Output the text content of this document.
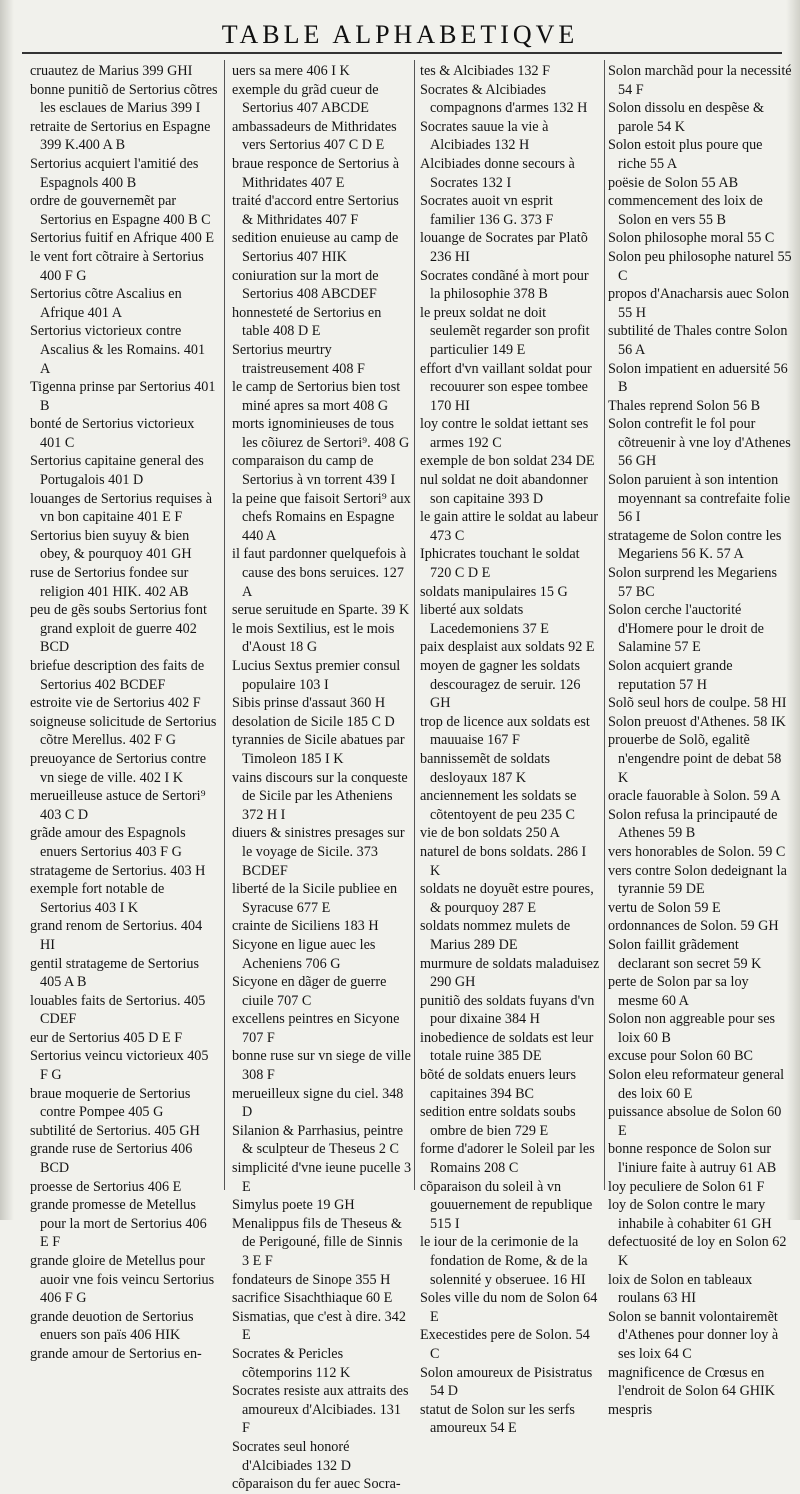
TABLE ALPHABETIQVE
cruautez de Marius 399 GHI
bonne punitiõ de Sertorius cõtres les esclaues de Marius 399 I
retraite de Sertorius en Espagne 399 K.400 A B
Sertorius acquiert l'amitié des Espagnols 400 B
ordre de gouvernemẽt par Sertorius en Espagne 400 B C
Sertorius fuitif en Afrique 400 E
le vent fort cõtraire à Sertorius 400 F G
Sertorius cõtre Ascalius en Afrique 401 A
Sertorius victorieux contre Ascalius & les Romains. 401 A
Tigenna prinse par Sertorius 401 B
bonté de Sertorius victorieux 401 C
Sertorius capitaine general des Portugalois 401 D
louanges de Sertorius requises à vn bon capitaine 401 E F
Sertorius bien suyuy & bien obey, & pourquoy 401 GH
ruse de Sertorius fondee sur religion 401 HIK. 402 AB
peu de gẽs soubs Sertorius font grand exploit de guerre 402 BCD
briefue description des faits de Sertorius 402 BCDEF
estroite vie de Sertorius 402 F
soigneuse solicitude de Sertorius cõtre Merellus. 402 F G
preuoyance de Sertorius contre vn siege de ville. 402 I K
merueilleuse astuce de Sertori⁹ 403 C D
grãde amour des Espagnols enuers Sertorius 403 F G
stratageme de Sertorius. 403 H
exemple fort notable de Sertorius 403 I K
grand renom de Sertorius. 404 HI
gentil stratageme de Sertorius 405 A B
louables faits de Sertorius. 405 CDEF
eur de Sertorius 405 D E F
Sertorius veincu victorieux 405 F G
braue moquerie de Sertorius contre Pompee 405 G
subtilité de Sertorius. 405 GH
grande ruse de Sertorius 406 BCD
proesse de Sertorius 406 E
grande promesse de Metellus pour la mort de Sertorius 406 E F
grande gloire de Metellus pour auoir vne fois veincu Sertorius 406 F G
grande deuotion de Sertorius enuers son païs 406 HIK
grande amour de Sertorius en-
uers sa mere 406 I K
exemple du grãd cueur de Sertorius 407 ABCDE
ambassadeurs de Mithridates vers Sertorius 407 C D E
braue responce de Sertorius à Mithridates 407 E
traité d'accord entre Sertorius & Mithridates 407 F
sedition enuieuse au camp de Sertorius 407 HIK
coniuration sur la mort de Sertorius 408 ABCDEF
honnesteté de Sertorius en table 408 D E
Sertorius meurtry traistreusement 408 F
le camp de Sertorius bien tost miné apres sa mort 408 G
morts ignominieuses de tous les cõiurez de Sertori⁹. 408 G
comparaison du camp de Sertorius à vn torrent 439 I
la peine que faisoit Sertori⁹ aux chefs Romains en Espagne 440 A
il faut pardonner quelquefois à cause des bons seruices. 127 A
serue seruitude en Sparte. 39 K
le mois Sextilius, est le mois d'Aoust 18 G
Lucius Sextus premier consul populaire 103 I
Sibis prinse d'assaut 360 H
desolation de Sicile 185 C D
tyrannies de Sicile abatues par Timoleon 185 I K
vains discours sur la conqueste de Sicile par les Atheniens 372 H I
diuers & sinistres presages sur le voyage de Sicile. 373 BCDEF
liberté de la Sicile publiee en Syracuse 677 E
crainte de Siciliens 183 H
Sicyone en ligue auec les Acheniens 706 G
Sicyone en dãger de guerre ciuile 707 C
excellens peintres en Sicyone 707 F
bonne ruse sur vn siege de ville 308 F
merueilleux signe du ciel. 348 D
Silanion & Parrhasius, peintre & sculpteur de Theseus 2 C
simplicité d'vne ieune pucelle 3 E
Simylus poete 19 GH
Menalippus fils de Theseus & de Perigouné, fille de Sinnis 3 E F
fondateurs de Sinope 355 H
sacrifice Sisachthiaque 60 E
Sismatias, que c'est à dire. 342 E
Socrates & Pericles cõtemporins 112 K
Socrates resiste aux attraits des amoureux d'Alcibiades. 131 F
Socrates seul honoré d'Alcibiades 132 D
cõparaison du fer auec Socra-
tes & Alcibiades 132 F
Socrates & Alcibiades compagnons d'armes 132 H
Socrates sauue la vie à Alcibiades 132 H
Alcibiades donne secours à Socrates 132 I
Socrates auoit vn esprit familier 136 G. 373 F
louange de Socrates par Platõ 236 HI
Socrates condãné à mort pour la philosophie 378 B
le preux soldat ne doit seulemẽt regarder son profit particulier 149 E
effort d'vn vaillant soldat pour recouurer son espee tombee 170 HI
loy contre le soldat iettant ses armes 192 C
exemple de bon soldat 234 DE
nul soldat ne doit abandonner son capitaine 393 D
le gain attire le soldat au labeur 473 C
Iphicrates touchant le soldat 720 C D E
soldats manipulaires 15 G
liberté aux soldats Lacedemoniens 37 E
paix desplaist aux soldats 92 E
moyen de gagner les soldats descouragez de seruir. 126 GH
trop de licence aux soldats est mauuaise 167 F
bannissemẽt de soldats desloyaux 187 K
anciennement les soldats se cõtentoyent de peu 235 C
vie de bon soldats 250 A
naturel de bons soldats. 286 I K
soldats ne doyuẽt estre poures, & pourquoy 287 E
soldats nommez mulets de Marius 289 DE
murmure de soldats maladuisez 290 GH
punitiõ des soldats fuyans d'vn pour dixaine 384 H
inobedience de soldats est leur totale ruine 385 DE
bõté de soldats enuers leurs capitaines 394 BC
sedition entre soldats soubs ombre de bien 729 E
forme d'adorer le Soleil par les Romains 208 C
cõparaison du soleil à vn gouuernement de republique 515 I
le iour de la cerimonie de la fondation de Rome, & de la solennité y obseruee. 16 HI
Soles ville du nom de Solon 64 E
Execestides pere de Solon. 54 C
Solon amoureux de Pisistratus 54 D
statut de Solon sur les serfs amoureux 54 E
Solon marchãd pour la necessité 54 F
Solon dissolu en despẽse & parole 54 K
Solon estoit plus poure que riche 55 A
poësie de Solon 55 AB
commencement des loix de Solon en vers 55 B
Solon philosophe moral 55 C
Solon peu philosophe naturel 55 C
propos d'Anacharsis auec Solon 55 H
subtilité de Thales contre Solon 56 A
Solon impatient en aduersité 56 B
Thales reprend Solon 56 B
Solon contrefit le fol pour cõtreuenir à vne loy d'Athenes 56 GH
Solon paruient à son intention moyennant sa contrefaite folie 56 I
stratageme de Solon contre les Megariens 56 K. 57 A
Solon surprend les Megariens 57 BC
Solon cerche l'auctorité d'Homere pour le droit de Salamine 57 E
Solon acquiert grande reputation 57 H
Solõ seul hors de coulpe. 58 HI
Solon preuost d'Athenes. 58 IK
prouerbe de Solõ, egalitẽ n'engendre point de debat 58 K
oracle fauorable à Solon. 59 A
Solon refusa la principauté de Athenes 59 B
vers honorables de Solon. 59 C
vers contre Solon dedeignant la tyrannie 59 DE
vertu de Solon 59 E
ordonnances de Solon. 59 GH
Solon faillit grãdement declarant son secret 59 K
perte de Solon par sa loy mesme 60 A
Solon non aggreable pour ses loix 60 B
excuse pour Solon 60 BC
Solon eleu reformateur general des loix 60 E
puissance absolue de Solon 60 E
bonne responce de Solon sur l'iniure faite à autruy 61 AB
loy peculiere de Solon 61 F
loy de Solon contre le mary inhabile à cohabiter 61 GH
defectuosité de loy en Solon 62 K
loix de Solon en tableaux roulans 63 HI
Solon se bannit volontairemẽt d'Athenes pour donner loy à ses loix 64 C
magnificence de Crœsus en l'endroit de Solon 64 GHIK
mespris
